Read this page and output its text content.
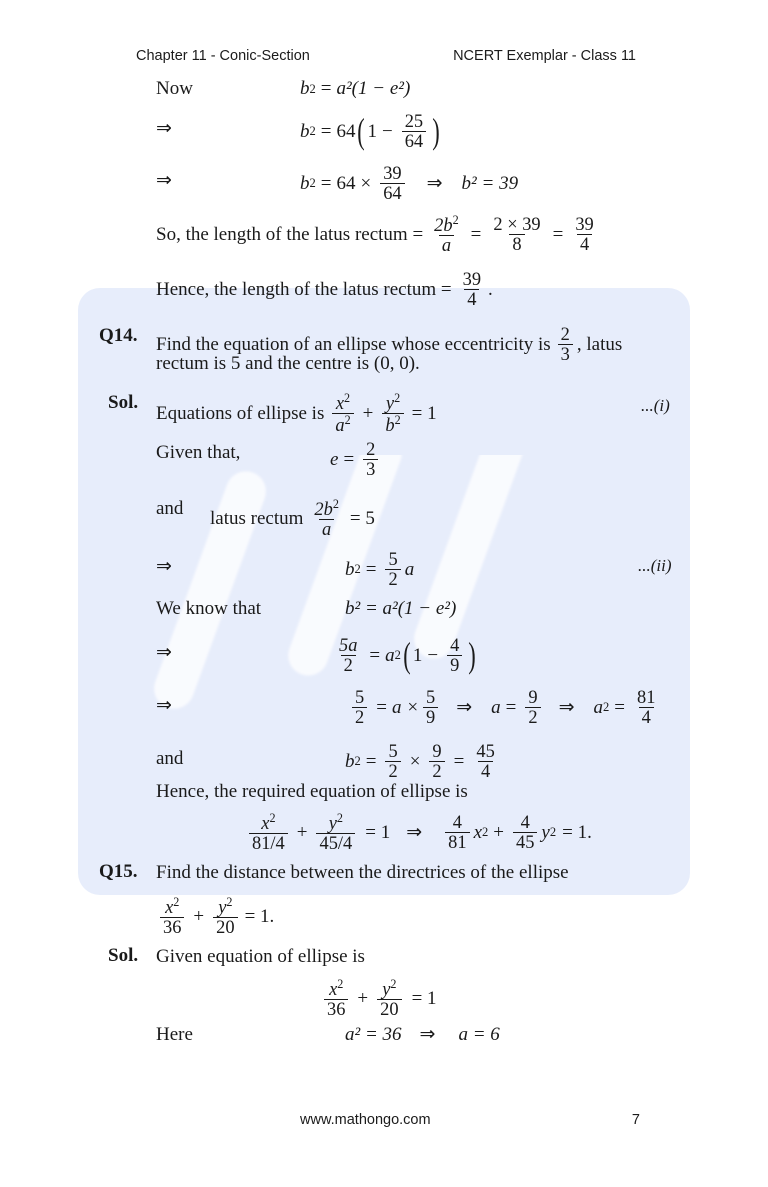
Chapter 11 - Conic-Section	NCERT Exemplar - Class 11
Now	b 2 = a²(1 − e²)
⇒	b 2 = 64 ( $1 - \frac{25}{64}$ )
⇒	b $2 = 64 \times \frac{39}{64}$ ⇒ b² = 39
So, the length of the latus rectum = $\frac{2b^2}{a} = \frac{2 \times 39}{8} = \frac{39}{4}$
Hence, the length of the latus rectum = $\frac{39}{4}$ .
Q14. Find the equation of an ellipse whose eccentricity is $\frac{2}{3}$ , latus
rectum is 5 and the centre is (0, 0).
Sol.
Equations of ellipse is $\frac{x^2}{a^2} + \frac{y^2}{b^2} = 1$	...(i)
Given that,	$e = \frac{2}{3}$
and latus rectum $\frac{2b^2}{a} = 5$
⇒	b $2 = \frac{5}{2}$ a	...(ii)
We know that	b² = a²(1 − e²)
⇒	$\frac{5a}{2} = a$ 2 ( $1 - \frac{4}{9}$ )
⇒	$\frac{5}{2} = a \times \frac{5}{9}$ ⇒ $a = \frac{9}{2}$ ⇒ a $2 = \frac{81}{4}$
and	b $2 = \frac{5}{2} \times \frac{9}{2} = \frac{45}{4}$
Hence, the required equation of ellipse is
$\frac{x^2}{81/4} + \frac{y^2}{45/4} = 1$ ⇒ $\frac{4}{81}$ x $2 + \frac{4}{45}$ y 2 = 1.
Q15. Find the distance between the directrices of the ellipse
$\frac{x^2}{36} + \frac{y^2}{20} = 1$.
Sol. Given equation of ellipse is
$\frac{x^2}{36} + \frac{y^2}{20} = 1$
Here	a² = 36 ⇒ a = 6
www.mathongo.com	7
